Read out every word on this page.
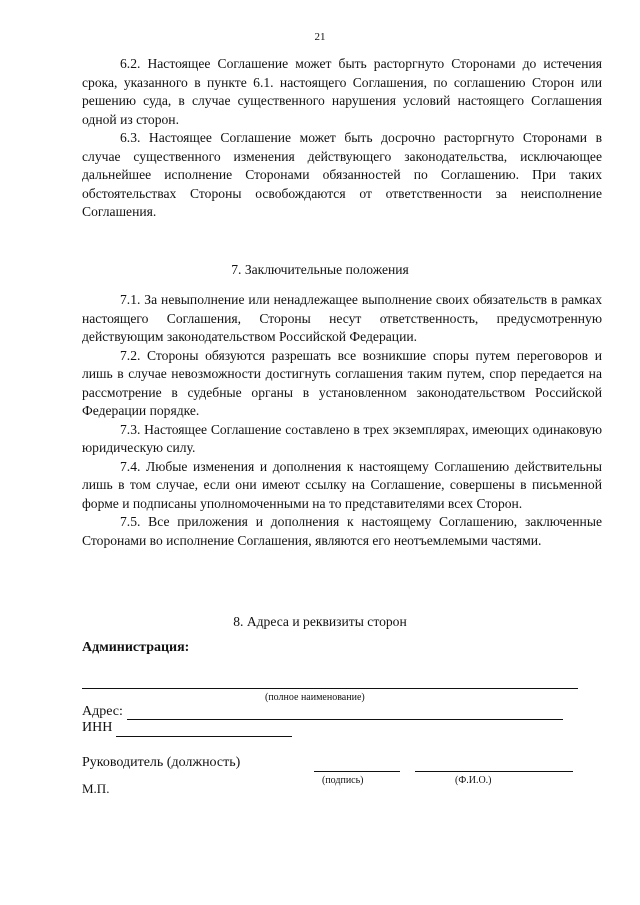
21

6.2. Настоящее Соглашение может быть расторгнуто Сторонами до истечения срока, указанного в пункте 6.1. настоящего Соглашения, по соглашению Сторон или решению суда, в случае существенного нарушения условий настоящего Соглашения одной из сторон.

6.3. Настоящее Соглашение может быть досрочно расторгнуто Сторонами в случае существенного изменения действующего законодательства, исключающее дальнейшее исполнение Сторонами обязанностей по Соглашению. При таких обстоятельствах Стороны освобождаются от ответственности за неисполнение Соглашения.

7. Заключительные положения

7.1. За невыполнение или ненадлежащее выполнение своих обязательств в рамках настоящего Соглашения, Стороны несут ответственность, предусмотренную действующим законодательством Российской Федерации.

7.2. Стороны обязуются разрешать все возникшие споры путем переговоров и лишь в случае невозможности достигнуть соглашения таким путем, спор передается на рассмотрение в судебные органы в установленном законодательством Российской Федерации порядке.

7.3. Настоящее Соглашение составлено в трех экземплярах, имеющих одинаковую юридическую силу.

7.4. Любые изменения и дополнения к настоящему Соглашению действительны лишь в том случае, если они имеют ссылку на Соглашение, совершены в письменной форме и подписаны уполномоченными на то представителями всех Сторон.

7.5. Все приложения и дополнения к настоящему Соглашению, заключенные Сторонами во исполнение Соглашения, являются его неотъемлемыми частями.

8. Адреса и реквизиты сторон
Администрация:
(полное наименование)
Адрес:
ИНН
Руководитель (должность)
(подпись)	(Ф.И.О.)
М.П.
